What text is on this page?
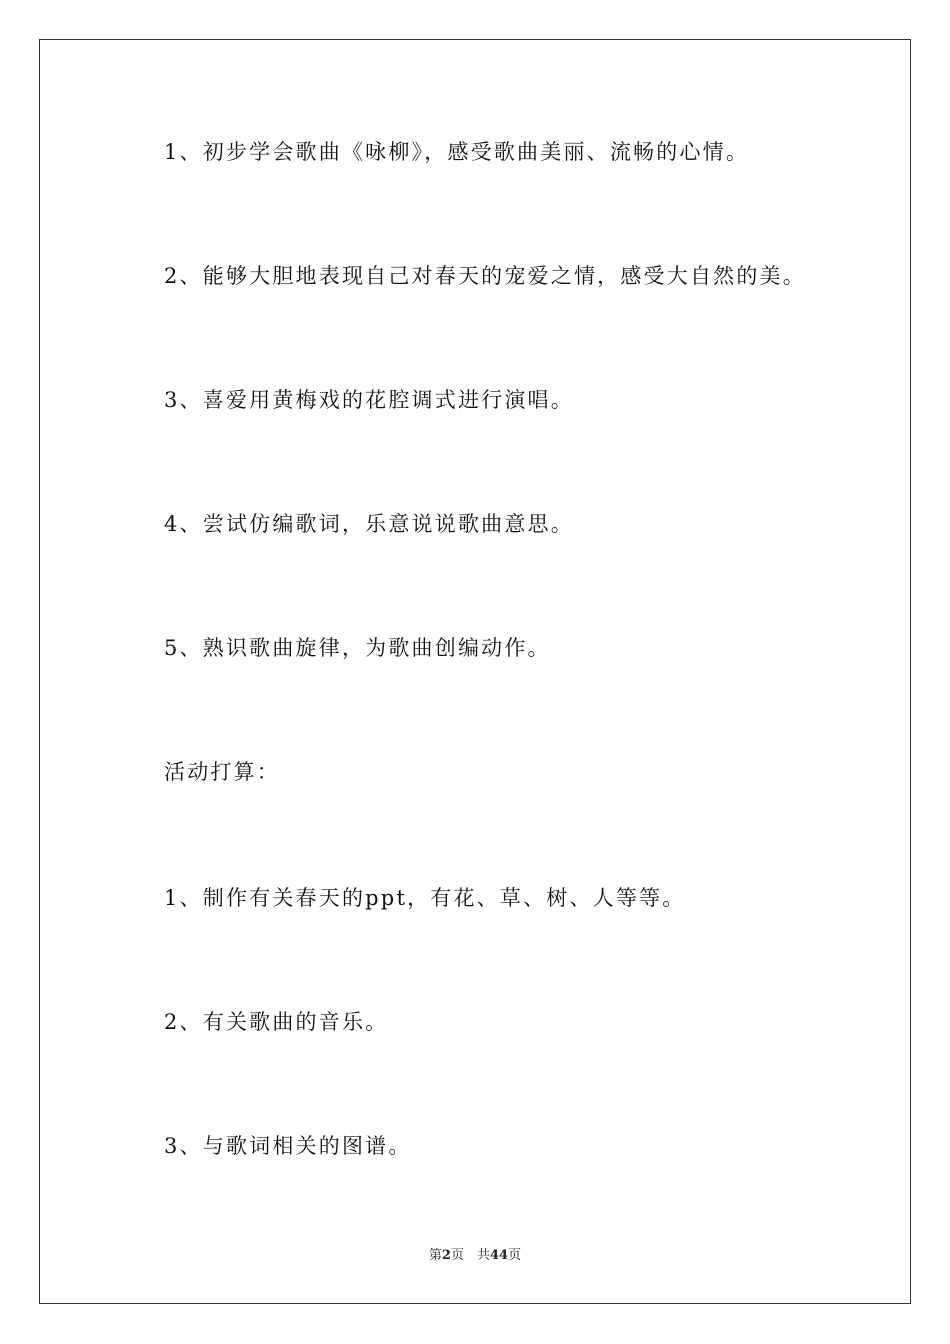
1、初步学会歌曲《咏柳》，感受歌曲美丽、流畅的心情。
2、能够大胆地表现自己对春天的宠爱之情，感受大自然的美。
3、喜爱用黄梅戏的花腔调式进行演唱。
4、尝试仿编歌词，乐意说说歌曲意思。
5、熟识歌曲旋律，为歌曲创编动作。
活动打算：
1、制作有关春天的ppt，有花、草、树、人等等。
2、有关歌曲的音乐。
3、与歌词相关的图谱。
第2页　共44页
